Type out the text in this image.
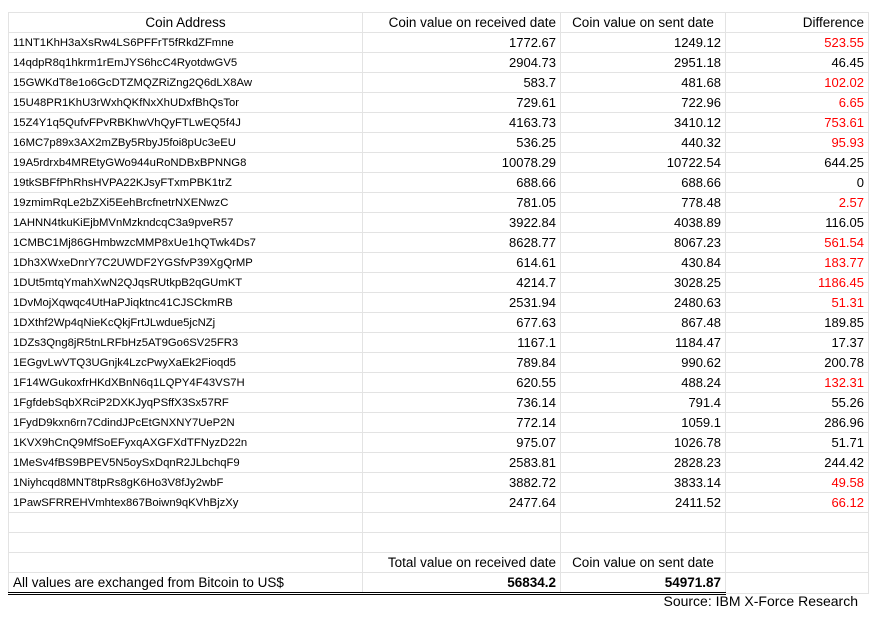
Coin Address	Coin value on received date	Coin value on sent date	Difference
11NT1KhH3aXsRw4LS6PFFrT5fRkdZFmne	1772.67	1249.12	523.55
14qdpR8q1hkrm1rEmJYS6hcC4RyotdwGV5	2904.73	2951.18	46.45
15GWKdT8e1o6GcDTZMQZRiZng2Q6dLX8Aw	583.7	481.68	102.02
15U48PR1KhU3rWxhQKfNxXhUDxfBhQsTor	729.61	722.96	6.65
15Z4Y1q5QufvFPvRBKhwVhQyFTLwEQ5f4J	4163.73	3410.12	753.61
16MC7p89x3AX2mZBy5RbyJ5foi8pUc3eEU	536.25	440.32	95.93
19A5rdrxb4MREtyGWo944uRoNDBxBPNNG8	10078.29	10722.54	644.25
19tkSBFfPhRhsHVPA22KJsyFTxmPBK1trZ	688.66	688.66	0
19zmimRqLe2bZXi5EehBrcfnetrNXENwzC	781.05	778.48	2.57
1AHNN4tkuKiEjbMVnMzkndcqC3a9pveR57	3922.84	4038.89	116.05
1CMBC1Mj86GHmbwzcMMP8xUe1hQTwk4Ds7	8628.77	8067.23	561.54
1Dh3XWxeDnrY7C2UWDF2YGSfvP39XgQrMP	614.61	430.84	183.77
1DUt5mtqYmahXwN2QJqsRUtkpB2qGUmKT	4214.7	3028.25	1186.45
1DvMojXqwqc4UtHaPJiqktnc41CJSCkmRB	2531.94	2480.63	51.31
1DXthf2Wp4qNieKcQkjFrtJLwdue5jcNZj	677.63	867.48	189.85
1DZs3Qng8jR5tnLRFbHz5AT9Go6SV25FR3	1167.1	1184.47	17.37
1EGgvLwVTQ3UGnjk4LzcPwyXaEk2Fioqd5	789.84	990.62	200.78
1F14WGukoxfrHKdXBnN6q1LQPY4F43VS7H	620.55	488.24	132.31
1FgfdebSqbXRciP2DXKJyqPSffX3Sx57RF	736.14	791.4	55.26
1FydD9kxn6rn7CdindJPcEtGNXNY7UeP2N	772.14	1059.1	286.96
1KVX9hCnQ9MfSoEFyxqAXGFXdTFNyzD22n	975.07	1026.78	51.71
1MeSv4fBS9BPEV5N5oySxDqnR2JLbchqF9	2583.81	2828.23	244.42
1Niyhcqd8MNT8tpRs8gK6Ho3V8fJy2wbF	3882.72	3833.14	49.58
1PawSFRREHVmhtex867Boiwn9qKVhBjzXy	2477.64	2411.52	66.12

	Total value on received date	Coin value on sent date	
All values are exchanged from Bitcoin to US$	56834.2	54971.87	
Source: IBM X-Force Research
